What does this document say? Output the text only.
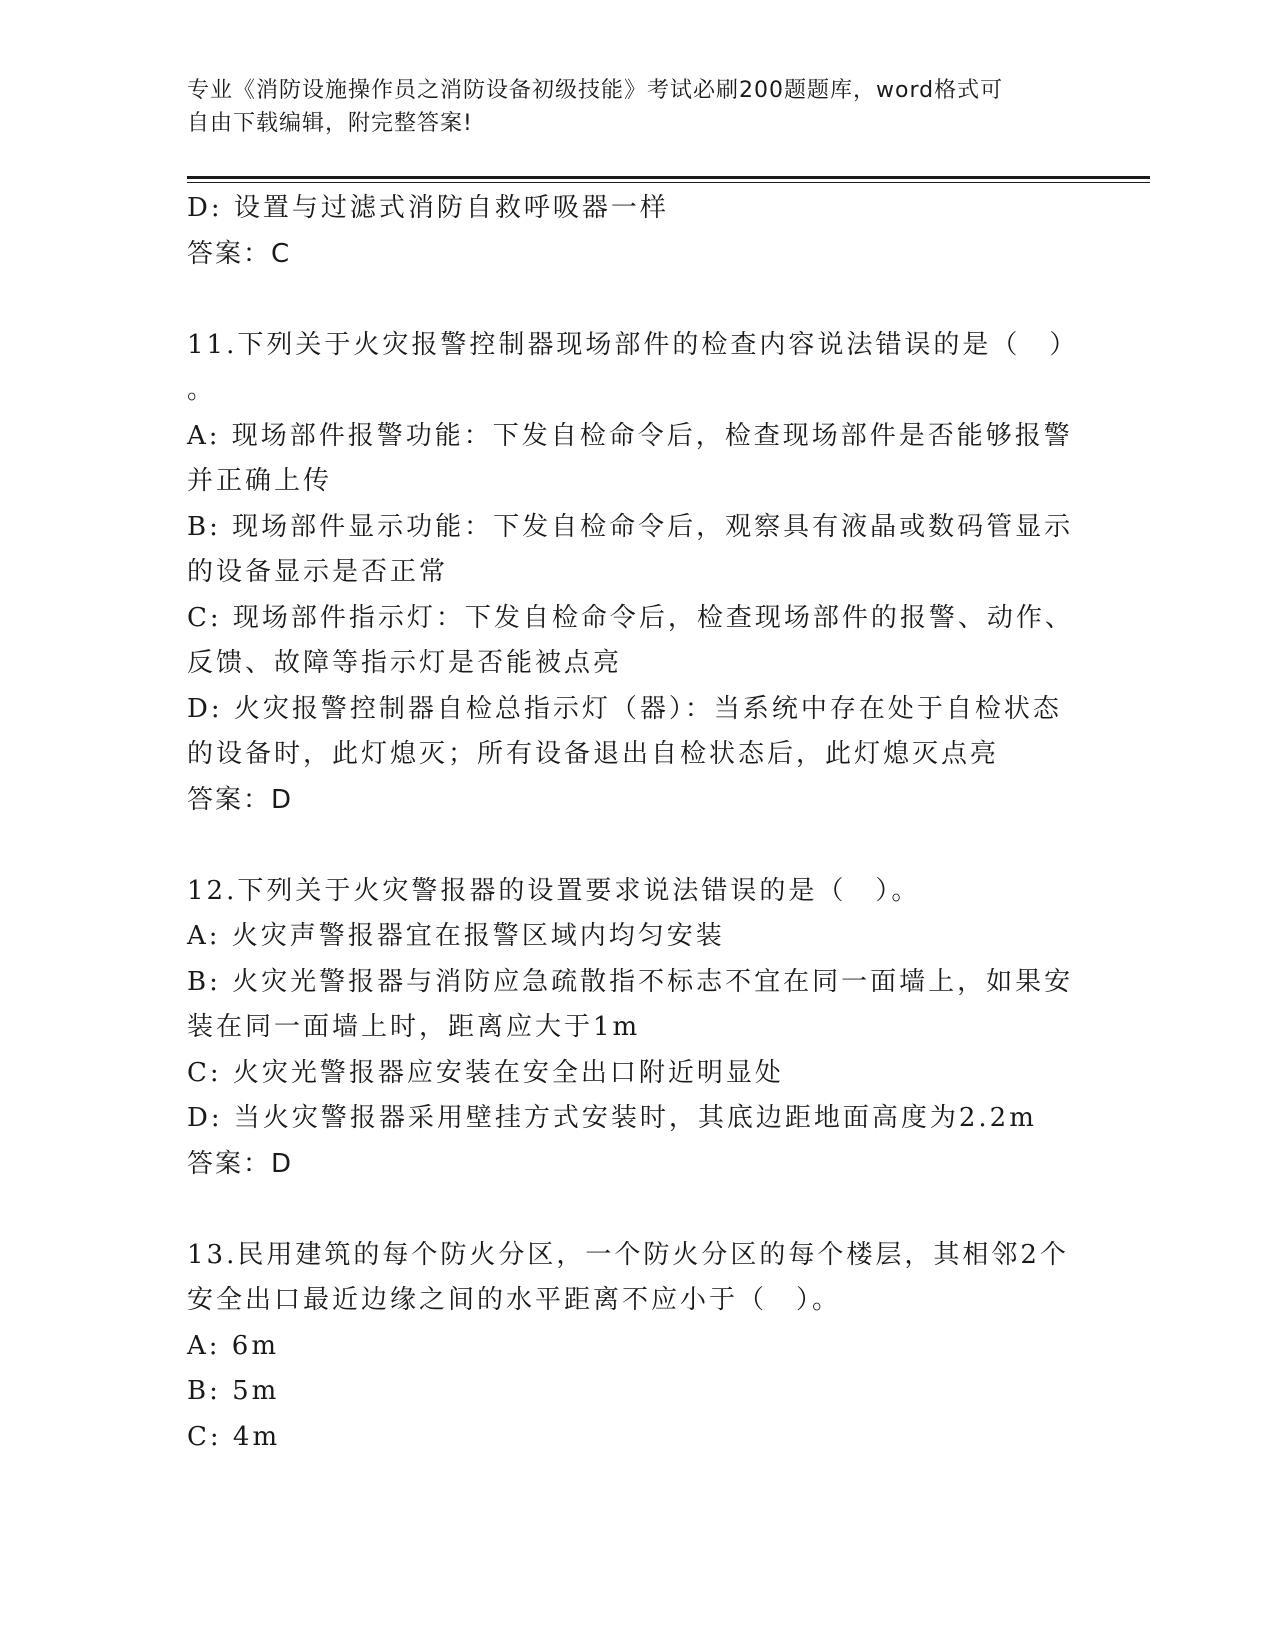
专业《消防设施操作员之消防设备初级技能》考试必刷200题题库，word格式可
自由下载编辑，附完整答案!
D: 设置与过滤式消防自救呼吸器一样
答案：C
11.下列关于火灾报警控制器现场部件的检查内容说法错误的是（　）
。
A: 现场部件报警功能：下发自检命令后，检查现场部件是否能够报警
并正确上传
B: 现场部件显示功能：下发自检命令后，观察具有液晶或数码管显示
的设备显示是否正常
C: 现场部件指示灯：下发自检命令后，检查现场部件的报警、动作、
反馈、故障等指示灯是否能被点亮
D: 火灾报警控制器自检总指示灯（器）：当系统中存在处于自检状态
的设备时，此灯熄灭；所有设备退出自检状态后，此灯熄灭点亮
答案：D
12.下列关于火灾警报器的设置要求说法错误的是（　）。
A: 火灾声警报器宜在报警区域内均匀安装
B: 火灾光警报器与消防应急疏散指不标志不宜在同一面墙上，如果安
装在同一面墙上时，距离应大于1m
C: 火灾光警报器应安装在安全出口附近明显处
D: 当火灾警报器采用壁挂方式安装时，其底边距地面高度为2.2m
答案：D
13.民用建筑的每个防火分区，一个防火分区的每个楼层，其相邻2个
安全出口最近边缘之间的水平距离不应小于（　）。
A: 6m
B: 5m
C: 4m
